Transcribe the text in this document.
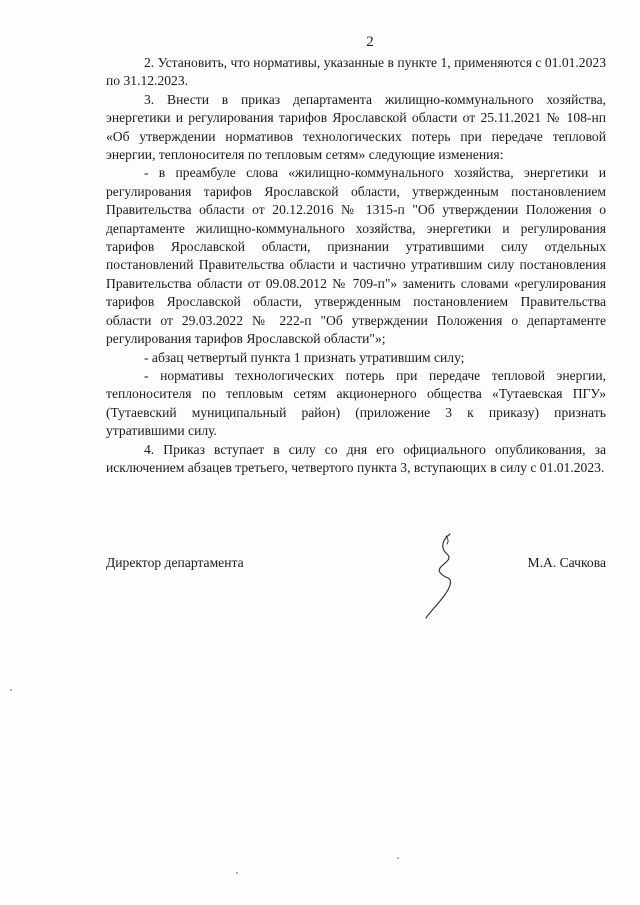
2

2. Установить, что нормативы, указанные в пункте 1, применяются с 01.01.2023 по 31.12.2023.

3. Внести в приказ департамента жилищно-коммунального хозяйства, энергетики и регулирования тарифов Ярославской области от 25.11.2021 № 108-нп «Об утверждении нормативов технологических потерь при передаче тепловой энергии, теплоносителя по тепловым сетям» следующие изменения:

- в преамбуле слова «жилищно-коммунального хозяйства, энергетики и регулирования тарифов Ярославской области, утвержденным постановлением Правительства области от 20.12.2016 № 1315-п "Об утверждении Положения о департаменте жилищно-коммунального хозяйства, энергетики и регулирования тарифов Ярославской области, признании утратившими силу отдельных постановлений Правительства области и частично утратившим силу постановления Правительства области от 09.08.2012 № 709-п"» заменить словами «регулирования тарифов Ярославской области, утвержденным постановлением Правительства области от 29.03.2022 № 222-п "Об утверждении Положения о департаменте регулирования тарифов Ярославской области"»;

- абзац четвертый пункта 1 признать утратившим силу;

- нормативы технологических потерь при передаче тепловой энергии, теплоносителя по тепловым сетям акционерного общества «Тутаевская ПГУ» (Тутаевский муниципальный район) (приложение 3 к приказу) признать утратившими силу.

4. Приказ вступает в силу со дня его официального опубликования, за исключением абзацев третьего, четвертого пункта 3, вступающих в силу с 01.01.2023.

Директор департамента	М.А. Сачкова
